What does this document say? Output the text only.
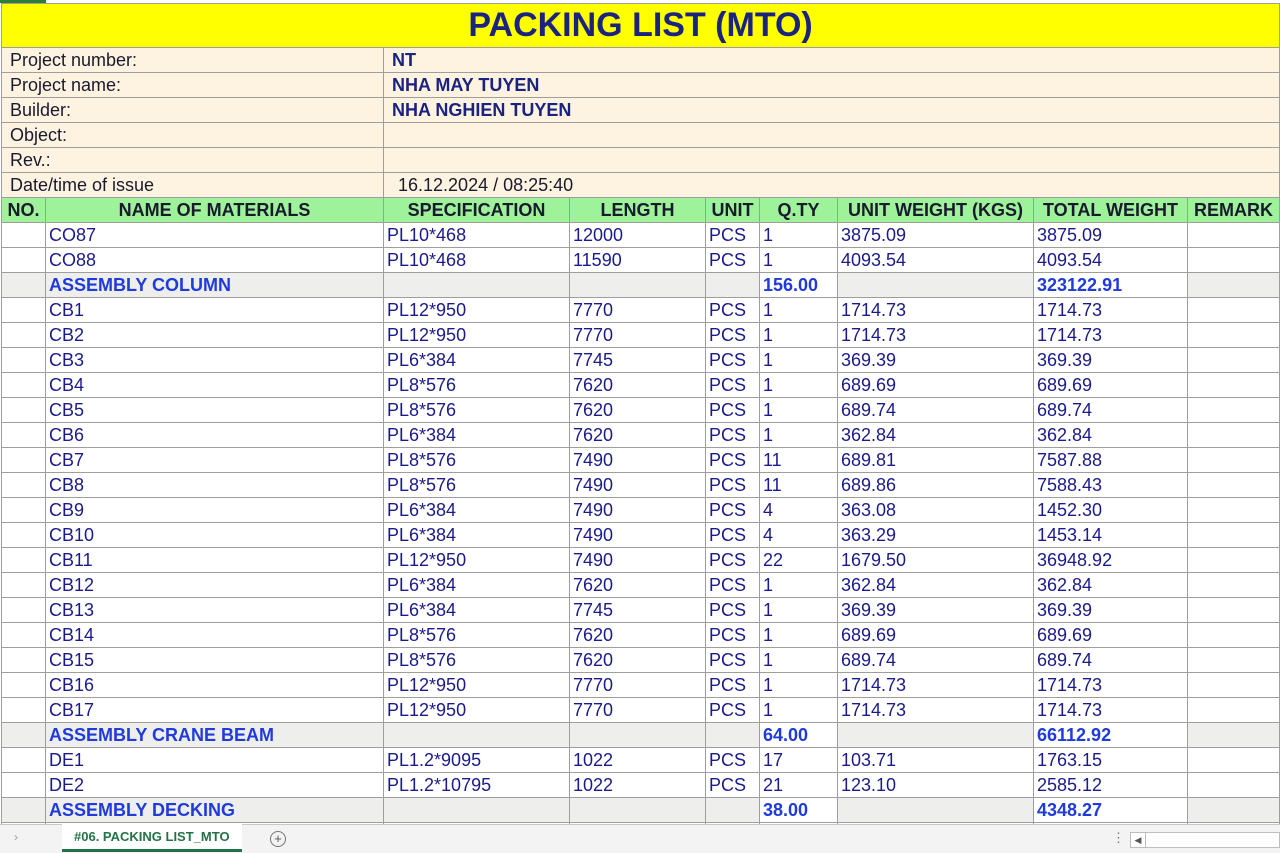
PACKING LIST (MTO)								
Project number:		NT						
Project name:		NHA MAY TUYEN						
Builder:		NHA NGHIEN TUYEN						
Object:								
Rev.:								
Date/time of issue		16.12.2024 / 08:25:40						
NO.	NAME OF MATERIALS	SPECIFICATION	LENGTH	UNIT	Q.TY	UNIT WEIGHT (KGS)	TOTAL WEIGHT	REMARK
	CO87	PL10*468	12000	PCS	1	3875.09	3875.09	
	CO88	PL10*468	11590	PCS	1	4093.54	4093.54	
	ASSEMBLY COLUMN				156.00		323122.91	
	CB1	PL12*950	7770	PCS	1	1714.73	1714.73	
	CB2	PL12*950	7770	PCS	1	1714.73	1714.73	
	CB3	PL6*384	7745	PCS	1	369.39	369.39	
	CB4	PL8*576	7620	PCS	1	689.69	689.69	
	CB5	PL8*576	7620	PCS	1	689.74	689.74	
	CB6	PL6*384	7620	PCS	1	362.84	362.84	
	CB7	PL8*576	7490	PCS	11	689.81	7587.88	
	CB8	PL8*576	7490	PCS	11	689.86	7588.43	
	CB9	PL6*384	7490	PCS	4	363.08	1452.30	
	CB10	PL6*384	7490	PCS	4	363.29	1453.14	
	CB11	PL12*950	7490	PCS	22	1679.50	36948.92	
	CB12	PL6*384	7620	PCS	1	362.84	362.84	
	CB13	PL6*384	7745	PCS	1	369.39	369.39	
	CB14	PL8*576	7620	PCS	1	689.69	689.69	
	CB15	PL8*576	7620	PCS	1	689.74	689.74	
	CB16	PL12*950	7770	PCS	1	1714.73	1714.73	
	CB17	PL12*950	7770	PCS	1	1714.73	1714.73	
	ASSEMBLY CRANE BEAM				64.00		66112.92	
	DE1	PL1.2*9095	1022	PCS	17	103.71	1763.15	
	DE2	PL1.2*10795	1022	PCS	21	123.10	2585.12	
	ASSEMBLY DECKING				38.00		4348.27	

›	#06. PACKING LIST_MTO	+	⋮	◀
